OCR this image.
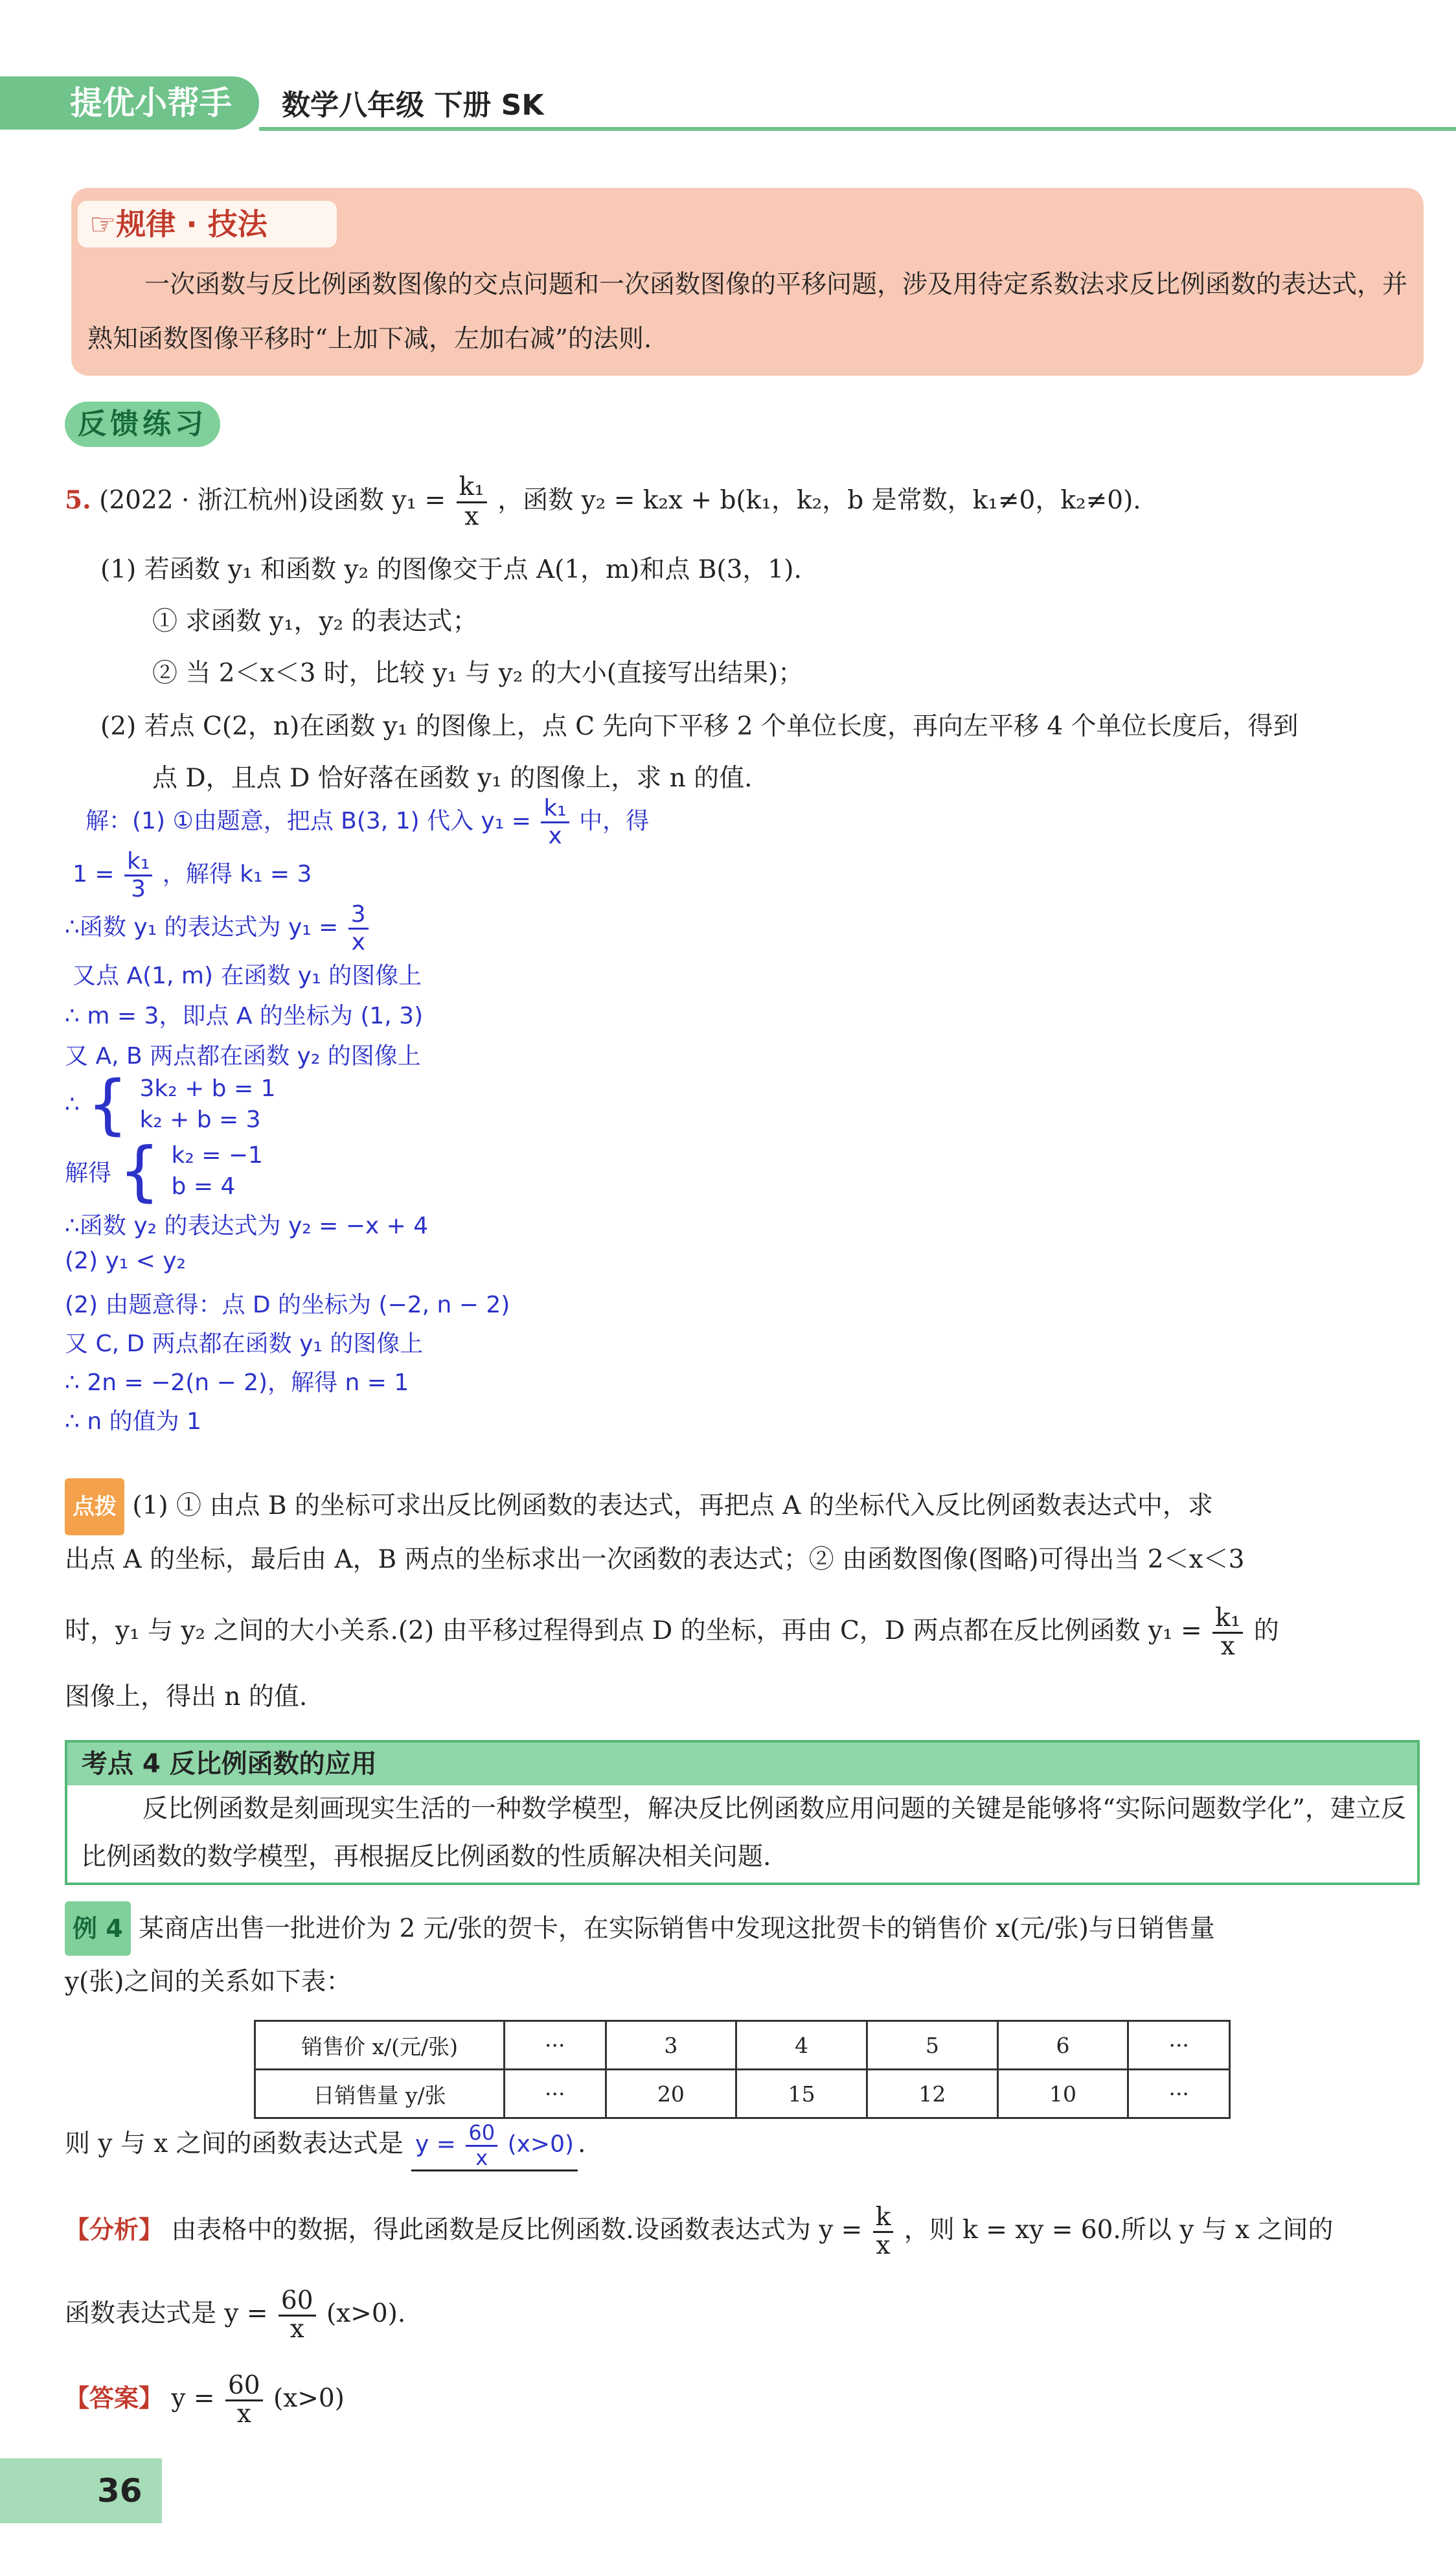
提优小帮手	数学八年级 下册 SK
☞规律 · 技法
一次函数与反比例函数图像的交点问题和一次函数图像的平移问题，涉及用待定系数法求反比例函数的表达式，并熟知函数图像平移时“上加下减，左加右减”的法则.
反馈练习
5. (2022 · 浙江杭州)设函数 $y_1 = \frac{\text{k₁}}{x}$ ，函数 y₂ = k₂x + b(k₁，k₂，b 是常数，k₁≠0，k₂≠0).
(1) 若函数 y₁ 和函数 y₂ 的图像交于点 A(1，m)和点 B(3，1).
① 求函数 y₁，y₂ 的表达式；
② 当 2＜x＜3 时，比较 y₁ 与 y₂ 的大小(直接写出结果)；
(2) 若点 C(2，n)在函数 y₁ 的图像上，点 C 先向下平移 2 个单位长度，再向左平移 4 个单位长度后，得到
点 D，且点 D 恰好落在函数 y₁ 的图像上，求 n 的值.
解：(1) ①由题意，把点 B(3, 1) 代入 $y_1 = \frac{\text{k₁}}{x}$ 中，得
$1 = \frac{\text{k₁}}{3}$ ，解得 k₁ = 3
∴函数 y₁ 的表达式为 $y_1 = \frac{3}{x}$
又点 A(1, m) 在函数 y₁ 的图像上
∴ m = 3，即点 A 的坐标为 (1, 3)
又 A, B 两点都在函数 y₂ 的图像上
∴ { 3k₂ + b = 1
k₂ + b = 3
解得 { k₂ = −1
b = 4
∴函数 y₂ 的表达式为 y₂ = −x + 4
(2) y₁ < y₂
(2) 由题意得：点 D 的坐标为 (−2, n − 2)
又 C, D 两点都在函数 y₁ 的图像上
∴ 2n = −2(n − 2)，解得 n = 1
∴ n 的值为 1
点拨 (1) ① 由点 B 的坐标可求出反比例函数的表达式，再把点 A 的坐标代入反比例函数表达式中，求
出点 A 的坐标，最后由 A，B 两点的坐标求出一次函数的表达式；② 由函数图像(图略)可得出当 2＜x＜3
时，y₁ 与 y₂ 之间的大小关系.(2) 由平移过程得到点 D 的坐标，再由 C，D 两点都在反比例函数 $y_1 = \frac{\text{k₁}}{x}$ 的
图像上，得出 n 的值.
考点 4 反比例函数的应用
反比例函数是刻画现实生活的一种数学模型，解决反比例函数应用问题的关键是能够将“实际问题数学化”，建立反比例函数的数学模型，再根据反比例函数的性质解决相关问题.
例 4 某商店出售一批进价为 2 元/张的贺卡，在实际销售中发现这批贺卡的销售价 x(元/张)与日销售量
y(张)之间的关系如下表：
销售价 x/(元/张)	···	3	4	5	6	···
日销售量 y/张	···	20	15	12	10	···
则 y 与 x 之间的函数表达式是 $y = \frac{60}{x} (x>0)$ .
【分析】 由表格中的数据，得此函数是反比例函数.设函数表达式为 $y = \frac{k}{x}$ ，则 k = xy = 60.所以 y 与 x 之间的
函数表达式是 $y = \frac{60}{x} (x>0)$.
【答案】 $y = \frac{60}{x} (x>0)$
36
